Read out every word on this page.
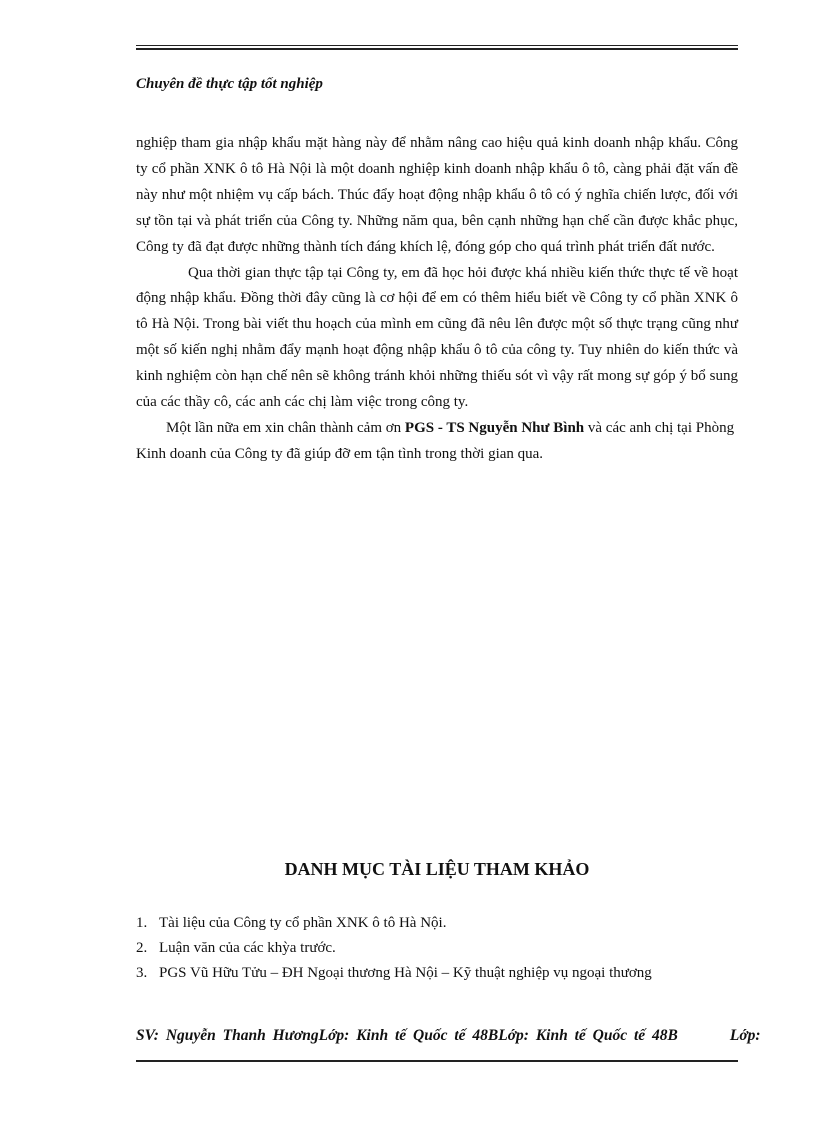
Chuyên đề thực tập tốt nghiệp

nghiệp tham gia nhập khẩu mặt hàng này để nhằm nâng cao hiệu quả kinh doanh nhập khẩu. Công ty cổ phần XNK ô tô Hà Nội là một doanh nghiệp kinh doanh nhập khẩu ô tô, càng phải đặt vấn đề này như một nhiệm vụ cấp bách. Thúc đẩy hoạt động nhập khẩu ô tô có ý nghĩa chiến lược, đối với sự tồn tại và phát triển của Công ty. Những năm qua, bên cạnh những hạn chế cần được khắc phục, Công ty đã đạt được những thành tích đáng khích lệ, đóng góp cho quá trình phát triển đất nước.

Qua thời gian thực tập tại Công ty, em đã học hỏi được khá nhiều kiến thức thực tế về hoạt động nhập khẩu. Đồng thời đây cũng là cơ hội để em có thêm hiểu biết về Công ty cổ phần XNK ô tô Hà Nội. Trong bài viết thu hoạch của mình em cũng đã nêu lên được một số thực trạng cũng như một số kiến nghị nhằm đẩy mạnh hoạt động nhập khẩu ô tô của công ty. Tuy nhiên do kiến thức và kinh nghiệm còn hạn chế nên sẽ không tránh khỏi những thiếu sót vì vậy rất mong sự góp ý bổ sung của các thầy cô, các anh các chị làm việc trong công ty.

Một lần nữa em xin chân thành cảm ơn PGS - TS Nguyễn Như Bình và các anh chị tại Phòng Kinh doanh của Công ty đã giúp đỡ em tận tình trong thời gian qua.

DANH MỤC TÀI LIỆU THAM KHẢO
1. Tài liệu của Công ty cổ phần XNK ô tô Hà Nội.
2. Luận văn của các khỳa trước.
3. PGS Vũ Hữu Tửu – ĐH Ngoại thương Hà Nội – Kỹ thuật nghiệp vụ ngoại thương
SV: Nguyễn Thanh HươngLớp: Kinh tế Quốc tế 48BLớp: Kinh tế Quốc tế 48B	Lớp:
